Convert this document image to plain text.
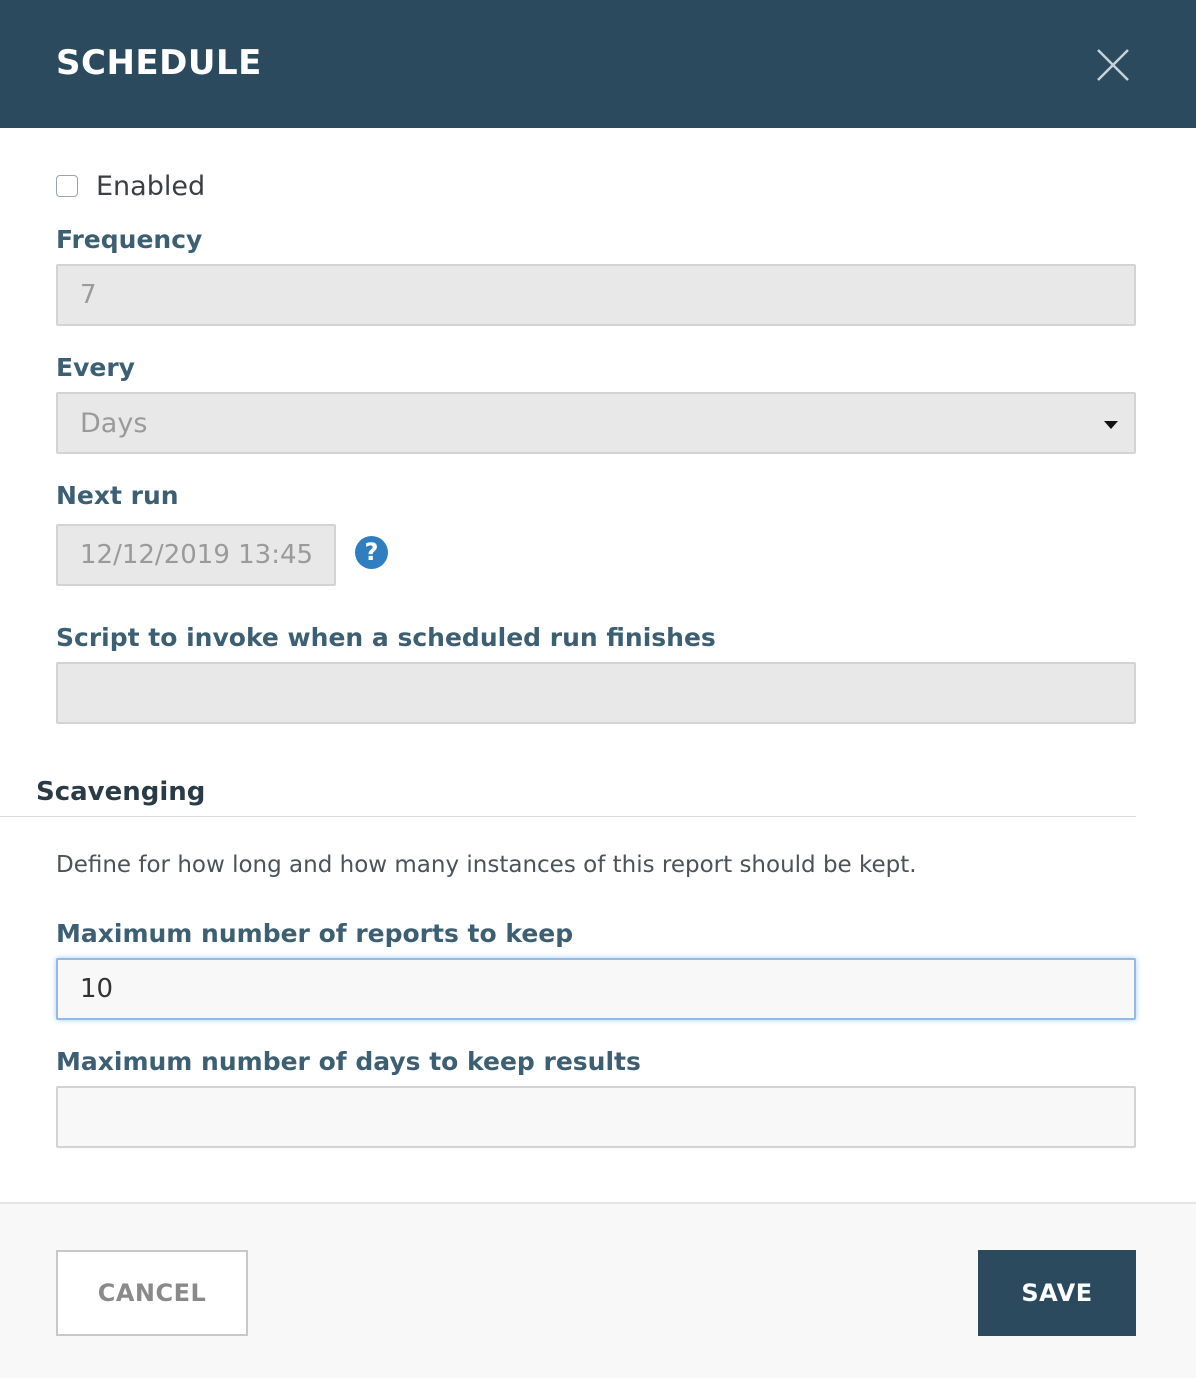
SCHEDULE
Enabled
Frequency
7
Every
Days
Next run
12/12/2019 13:45
?
Script to invoke when a scheduled run finishes
Scavenging
Define for how long and how many instances of this report should be kept.
Maximum number of reports to keep
10
Maximum number of days to keep results
CANCEL	SAVE
